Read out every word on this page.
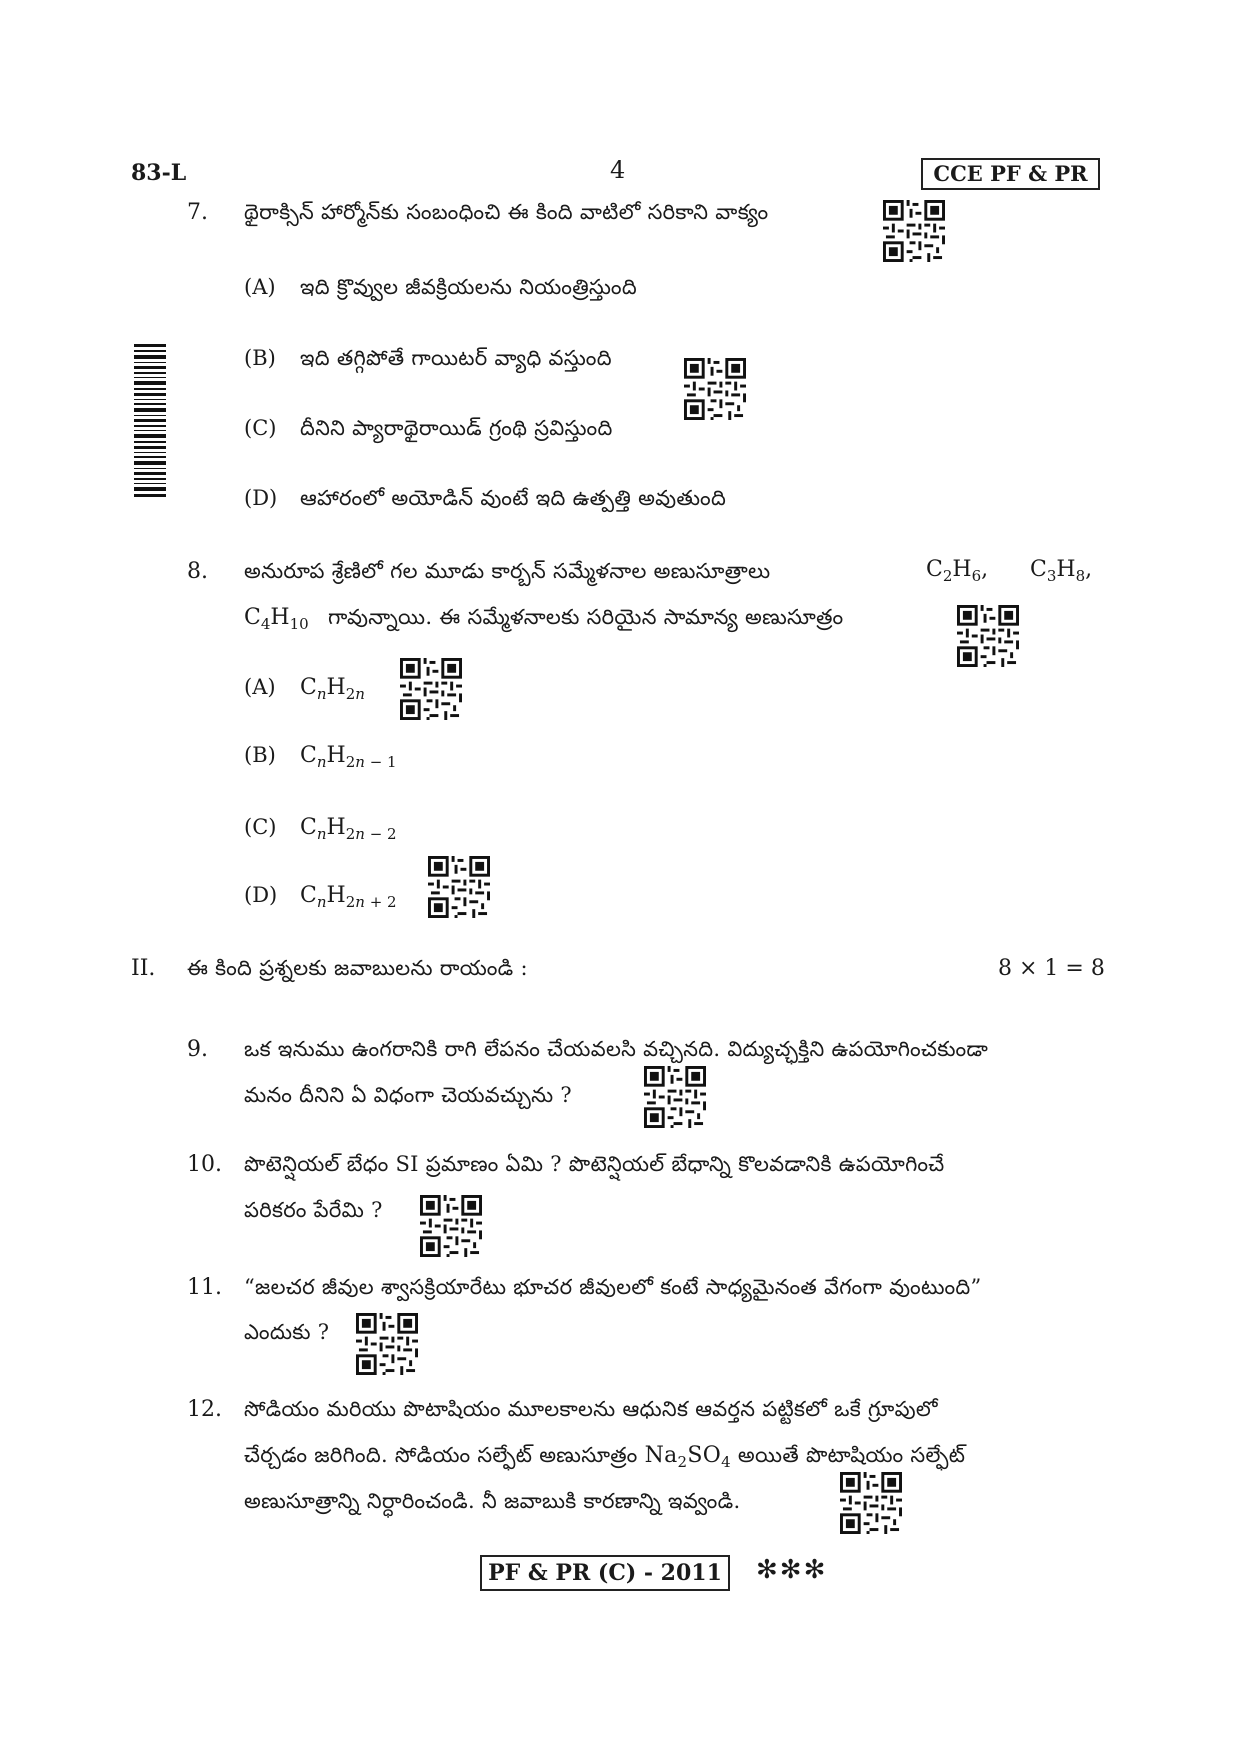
83-L	4	CCE PF & PR
7. థైరాక్సిన్ హార్మోన్‌కు సంబంధించి ఈ కింది వాటిలో సరికాని వాక్యం
(A) ఇది క్రొవ్వుల జీవక్రియలను నియంత్రిస్తుంది
(B) ఇది తగ్గిపోతే గాయిటర్ వ్యాధి వస్తుంది
(C) దీనిని ప్యారాథైరాయిడ్ గ్రంథి స్రవిస్తుంది
(D) ఆహారంలో అయోడిన్ వుంటే ఇది ఉత్పత్తి అవుతుంది
8. అనురూప శ్రేణిలో గల మూడు కార్బన్ సమ్మేళనాల అణుసూత్రాలు	$C_2H_6$, $C_3H_8$,
$C_4H_{10}$ గావున్నాయి. ఈ సమ్మేళనాలకు సరియైన సామాన్య అణుసూత్రం
(A) $C_nH_{2n}$
(B) $C_nH_{2n - 1}$
(C) $C_nH_{2n - 2}$
(D) $C_nH_{2n + 2}$
II. ఈ కింది ప్రశ్నలకు జవాబులను రాయండి :	8 × 1 = 8
9. ఒక ఇనుము ఉంగరానికి రాగి లేపనం చేయవలసి వచ్చినది. విద్యుచ్ఛక్తిని ఉపయోగించకుండా
మనం దీనిని ఏ విధంగా చెయవచ్చును ?
10. పొటెన్షియల్ బేధం SI ప్రమాణం ఏమి ? పొటెన్షియల్ బేధాన్ని కొలవడానికి ఉపయోగించే
పరికరం పేరేమి ?
11. “జలచర జీవుల శ్వాసక్రియారేటు భూచర జీవులలో కంటే సాధ్యమైనంత వేగంగా వుంటుంది”
ఎందుకు ?
12. సోడియం మరియు పొటాషియం మూలకాలను ఆధునిక ఆవర్తన పట్టికలో ఒకే గ్రూపులో
చేర్చడం జరిగింది. సోడియం సల్ఫేట్ అణుసూత్రం $Na_2SO_4$ అయితే పొటాషియం సల్ఫేట్
అణుసూత్రాన్ని నిర్ధారించండి. నీ జవాబుకి కారణాన్ని ఇవ్వండి.
PF & PR (C) - 2011	✻✻✻
